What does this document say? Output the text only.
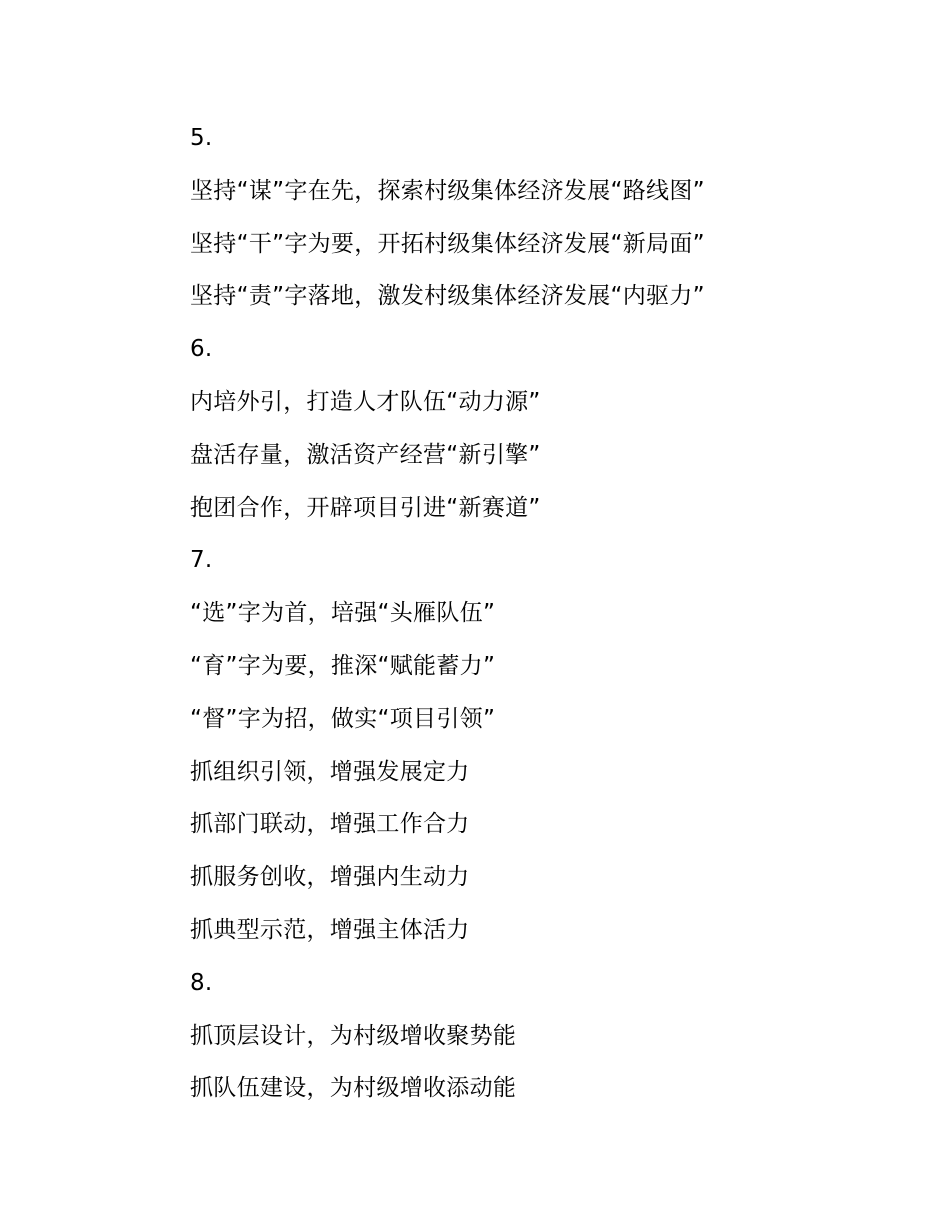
5.
坚持“谋”字在先，探索村级集体经济发展“路线图”
坚持“干”字为要，开拓村级集体经济发展“新局面”
坚持“责”字落地，激发村级集体经济发展“内驱力”
6.
内培外引，打造人才队伍“动力源”
盘活存量，激活资产经营“新引擎”
抱团合作，开辟项目引进“新赛道”
7.
“选”字为首，培强“头雁队伍”
“育”字为要，推深“赋能蓄力”
“督”字为招，做实“项目引领”
抓组织引领，增强发展定力
抓部门联动，增强工作合力
抓服务创收，增强内生动力
抓典型示范，增强主体活力
8.
抓顶层设计，为村级增收聚势能
抓队伍建设，为村级增收添动能
